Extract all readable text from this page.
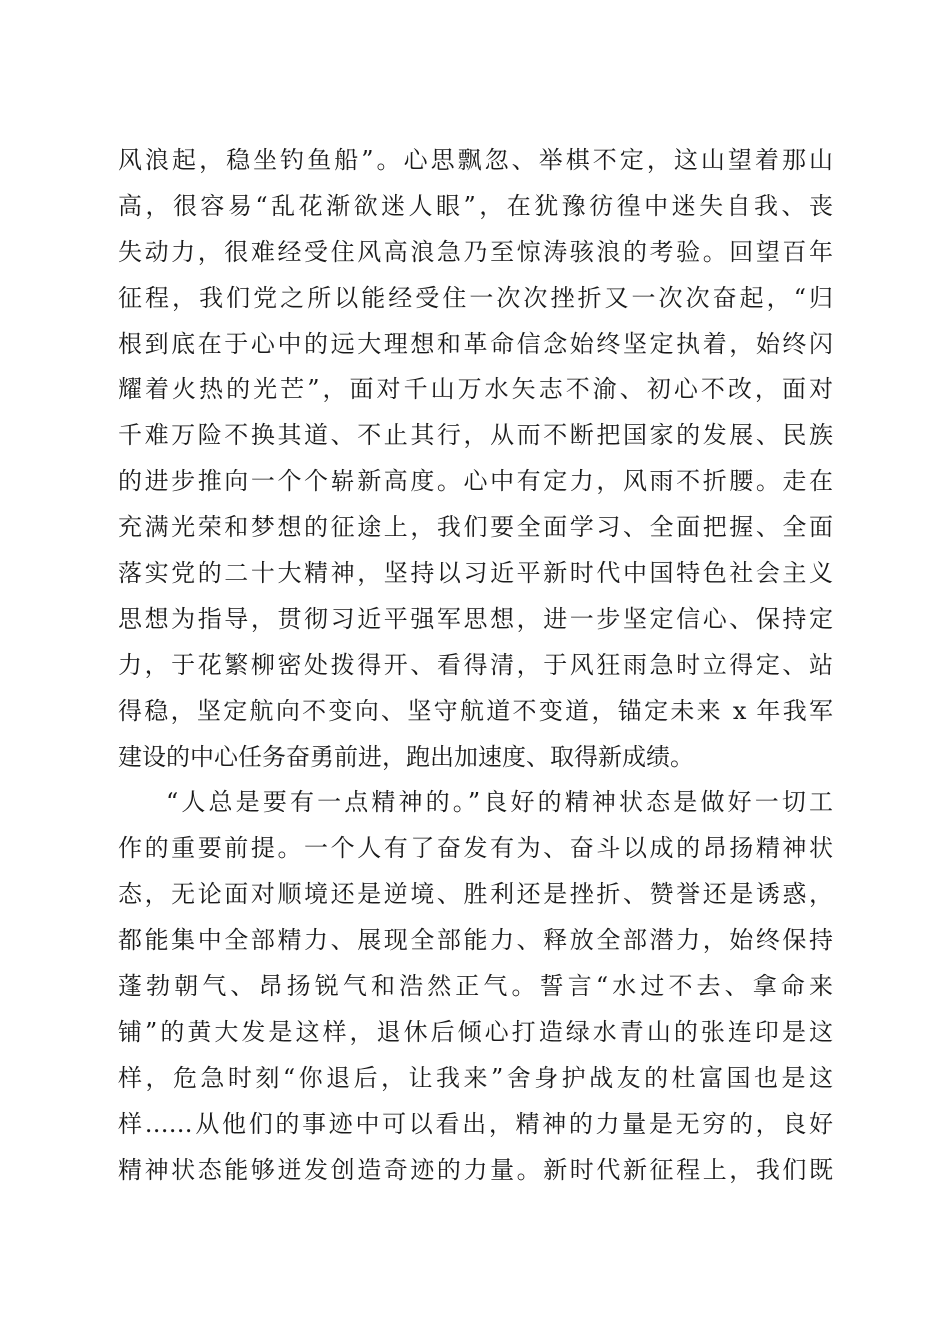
风浪起，稳坐钓鱼船”。心思飘忽、举棋不定，这山望着那山
高，很容易“乱花渐欲迷人眼”，在犹豫彷徨中迷失自我、丧
失动力，很难经受住风高浪急乃至惊涛骇浪的考验。回望百年
征程，我们党之所以能经受住一次次挫折又一次次奋起，“归
根到底在于心中的远大理想和革命信念始终坚定执着，始终闪
耀着火热的光芒”，面对千山万水矢志不渝、初心不改，面对
千难万险不换其道、不止其行，从而不断把国家的发展、民族
的进步推向一个个崭新高度。心中有定力，风雨不折腰。走在
充满光荣和梦想的征途上，我们要全面学习、全面把握、全面
落实党的二十大精神，坚持以习近平新时代中国特色社会主义
思想为指导，贯彻习近平强军思想，进一步坚定信心、保持定
力，于花繁柳密处拨得开、看得清，于风狂雨急时立得定、站
得稳，坚定航向不变向、坚守航道不变道，锚定未来 x 年我军
建设的中心任务奋勇前进，跑出加速度、取得新成绩。
“人总是要有一点精神的。”良好的精神状态是做好一切工
作的重要前提。一个人有了奋发有为、奋斗以成的昂扬精神状
态，无论面对顺境还是逆境、胜利还是挫折、赞誉还是诱惑，
都能集中全部精力、展现全部能力、释放全部潜力，始终保持
蓬勃朝气、昂扬锐气和浩然正气。誓言“水过不去、拿命来
铺”的黄大发是这样，退休后倾心打造绿水青山的张连印是这
样，危急时刻“你退后，让我来”舍身护战友的杜富国也是这
样……从他们的事迹中可以看出，精神的力量是无穷的，良好
精神状态能够迸发创造奇迹的力量。新时代新征程上，我们既
